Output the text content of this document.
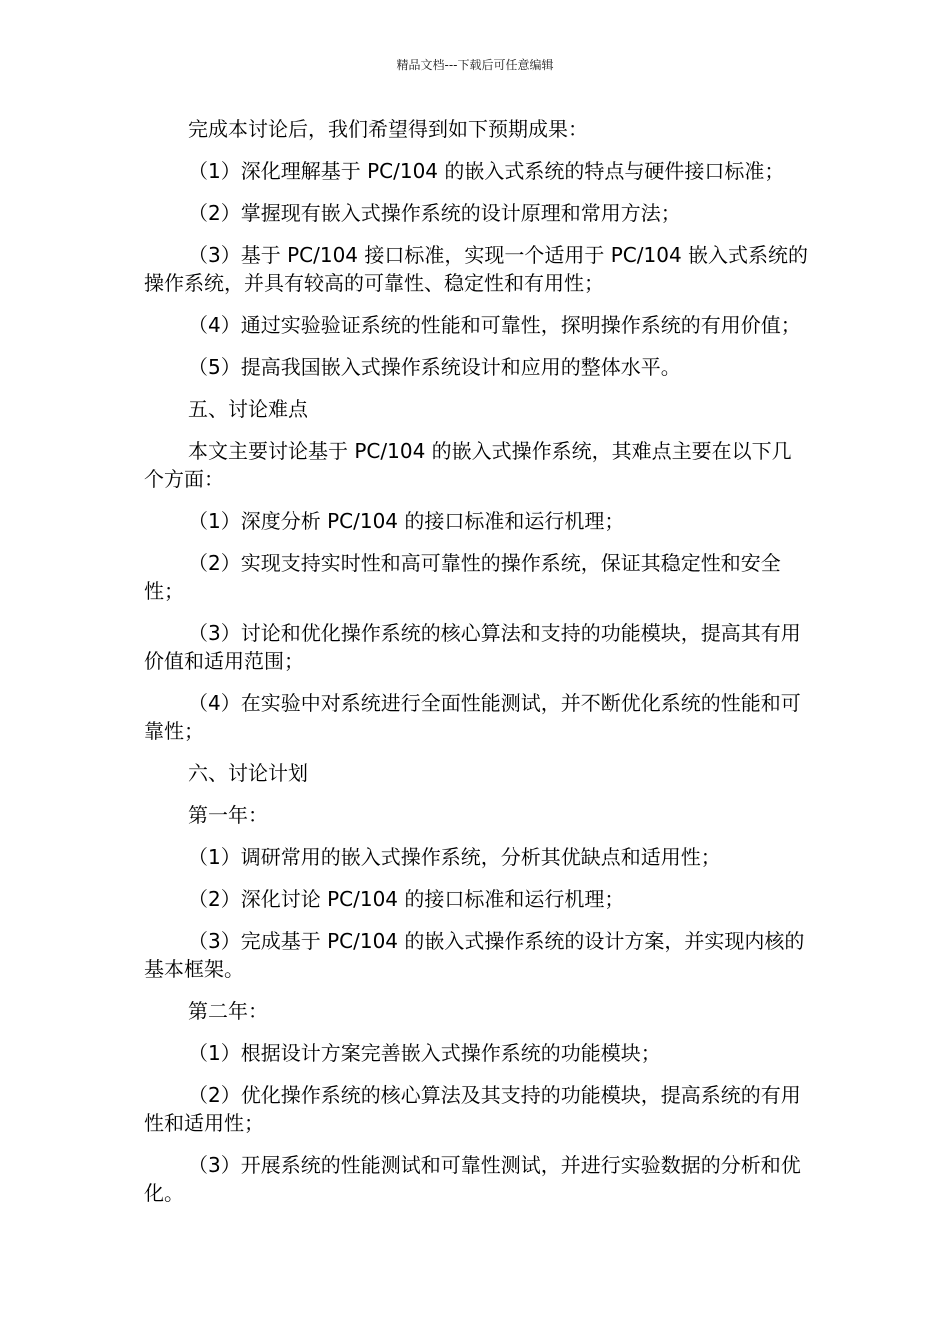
精品文档---下载后可任意编辑

完成本讨论后，我们希望得到如下预期成果：

（1）深化理解基于 PC/104 的嵌入式系统的特点与硬件接口标准；

（2）掌握现有嵌入式操作系统的设计原理和常用方法；

（3）基于 PC/104 接口标准，实现一个适用于 PC/104 嵌入式系统的操作系统，并具有较高的可靠性、稳定性和有用性；

（4）通过实验验证系统的性能和可靠性，探明操作系统的有用价值；

（5）提高我国嵌入式操作系统设计和应用的整体水平。

五、讨论难点

本文主要讨论基于 PC/104 的嵌入式操作系统，其难点主要在以下几个方面：

（1）深度分析 PC/104 的接口标准和运行机理；

（2）实现支持实时性和高可靠性的操作系统，保证其稳定性和安全性；

（3）讨论和优化操作系统的核心算法和支持的功能模块，提高其有用价值和适用范围；

（4）在实验中对系统进行全面性能测试，并不断优化系统的性能和可靠性；

六、讨论计划

第一年：

（1）调研常用的嵌入式操作系统，分析其优缺点和适用性；

（2）深化讨论 PC/104 的接口标准和运行机理；

（3）完成基于 PC/104 的嵌入式操作系统的设计方案，并实现内核的基本框架。

第二年：

（1）根据设计方案完善嵌入式操作系统的功能模块；

（2）优化操作系统的核心算法及其支持的功能模块，提高系统的有用性和适用性；

（3）开展系统的性能测试和可靠性测试，并进行实验数据的分析和优化。
